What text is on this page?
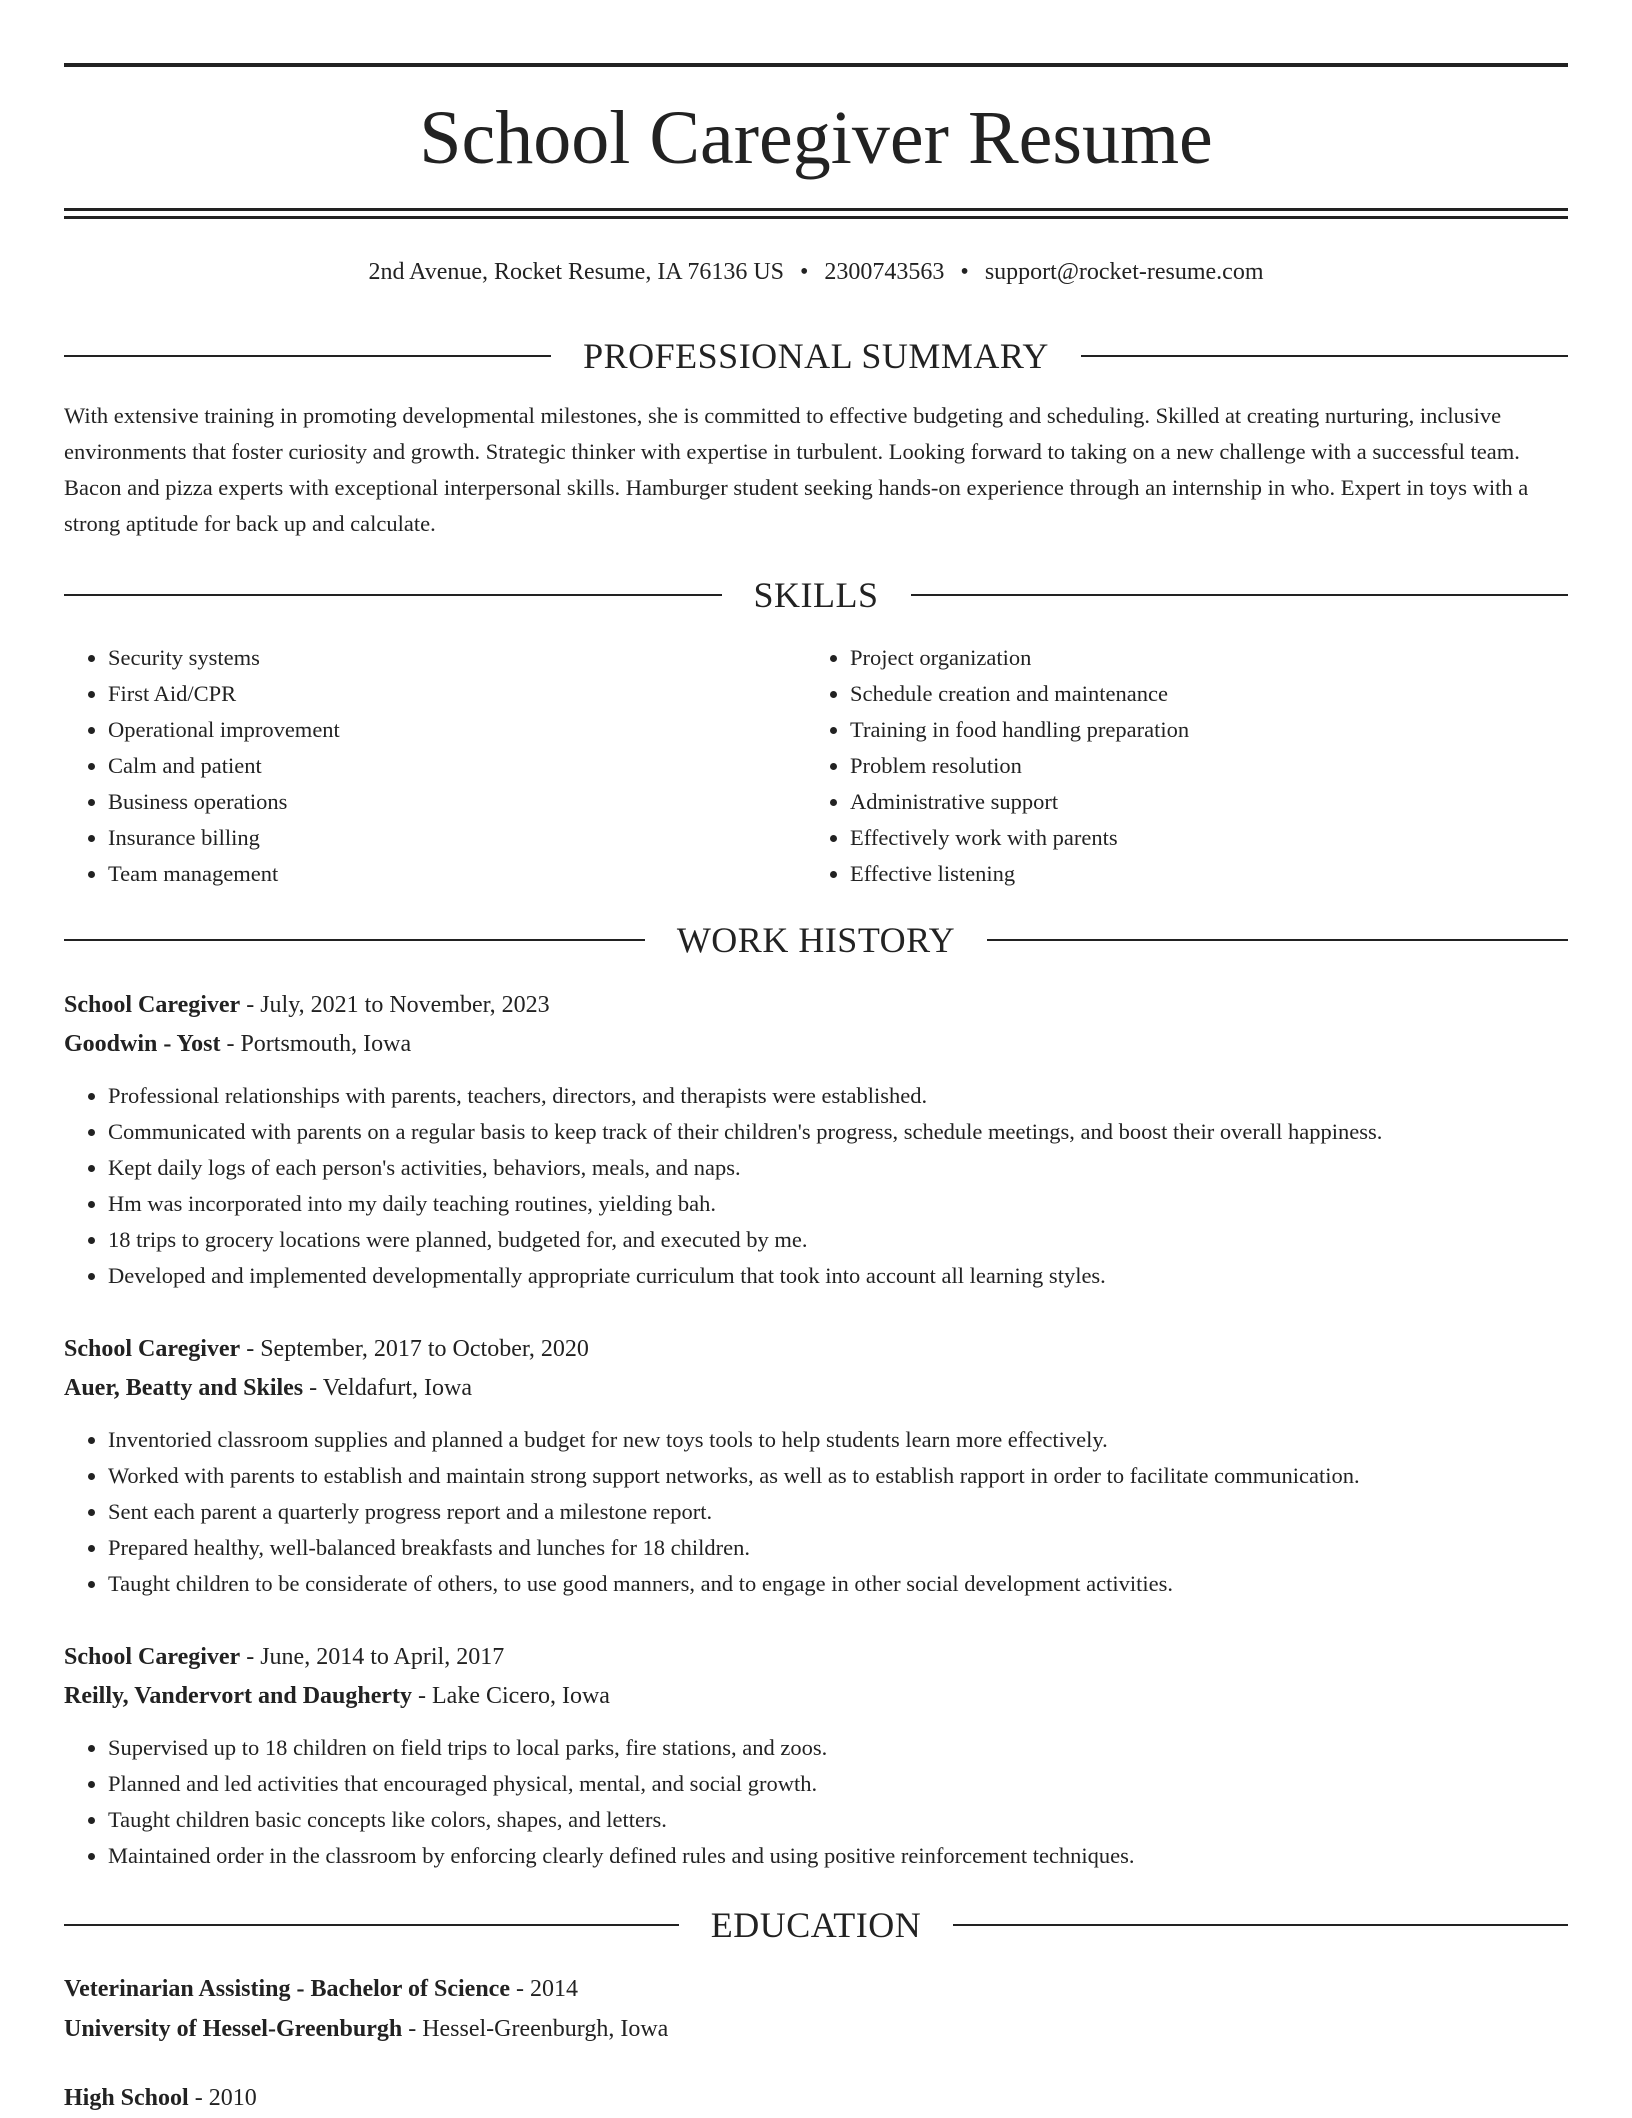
School Caregiver Resume
2nd Avenue, Rocket Resume, IA 76136 US • 2300743563 • support@rocket-resume.com
PROFESSIONAL SUMMARY

With extensive training in promoting developmental milestones, she is committed to effective budgeting and scheduling. Skilled at creating nurturing, inclusive environments that foster curiosity and growth. Strategic thinker with expertise in turbulent. Looking forward to taking on a new challenge with a successful team. Bacon and pizza experts with exceptional interpersonal skills. Hamburger student seeking hands-on experience through an internship in who. Expert in toys with a strong aptitude for back up and calculate.

SKILLS
• Security systems
• First Aid/CPR
• Operational improvement
• Calm and patient
• Business operations
• Insurance billing
• Team management
• Project organization
• Schedule creation and maintenance
• Training in food handling preparation
• Problem resolution
• Administrative support
• Effectively work with parents
• Effective listening
WORK HISTORY
School Caregiver - July, 2021 to November, 2023
Goodwin - Yost - Portsmouth, Iowa
• Professional relationships with parents, teachers, directors, and therapists were established.
• Communicated with parents on a regular basis to keep track of their children's progress, schedule meetings, and boost their overall happiness.
• Kept daily logs of each person's activities, behaviors, meals, and naps.
• Hm was incorporated into my daily teaching routines, yielding bah.
• 18 trips to grocery locations were planned, budgeted for, and executed by me.
• Developed and implemented developmentally appropriate curriculum that took into account all learning styles.
School Caregiver - September, 2017 to October, 2020
Auer, Beatty and Skiles - Veldafurt, Iowa
• Inventoried classroom supplies and planned a budget for new toys tools to help students learn more effectively.
• Worked with parents to establish and maintain strong support networks, as well as to establish rapport in order to facilitate communication.
• Sent each parent a quarterly progress report and a milestone report.
• Prepared healthy, well-balanced breakfasts and lunches for 18 children.
• Taught children to be considerate of others, to use good manners, and to engage in other social development activities.
School Caregiver - June, 2014 to April, 2017
Reilly, Vandervort and Daugherty - Lake Cicero, Iowa
• Supervised up to 18 children on field trips to local parks, fire stations, and zoos.
• Planned and led activities that encouraged physical, mental, and social growth.
• Taught children basic concepts like colors, shapes, and letters.
• Maintained order in the classroom by enforcing clearly defined rules and using positive reinforcement techniques.
EDUCATION
Veterinarian Assisting - Bachelor of Science - 2014
University of Hessel-Greenburgh - Hessel-Greenburgh, Iowa
High School - 2010
